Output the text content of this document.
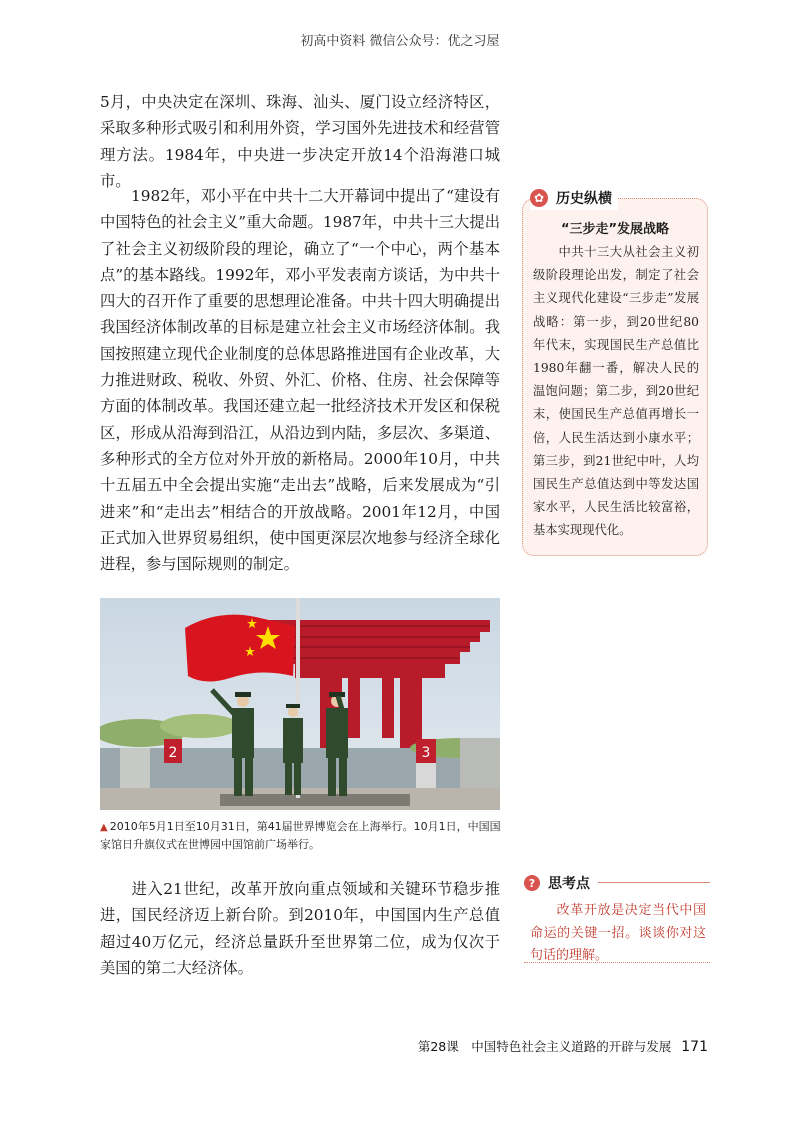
初高中资料 微信公众号：优之习屋

5月，中央决定在深圳、珠海、汕头、厦门设立经济特区，采取多种形式吸引和利用外资，学习国外先进技术和经营管理方法。1984年，中央进一步决定开放14个沿海港口城市。

1982年，邓小平在中共十二大开幕词中提出了“建设有中国特色的社会主义”重大命题。1987年，中共十三大提出了社会主义初级阶段的理论，确立了“一个中心，两个基本点”的基本路线。1992年，邓小平发表南方谈话，为中共十四大的召开作了重要的思想理论准备。中共十四大明确提出我国经济体制改革的目标是建立社会主义市场经济体制。我国按照建立现代企业制度的总体思路推进国有企业改革，大力推进财政、税收、外贸、外汇、价格、住房、社会保障等方面的体制改革。我国还建立起一批经济技术开发区和保税区，形成从沿海到沿江，从沿边到内陆，多层次、多渠道、多种形式的全方位对外开放的新格局。2000年10月，中共十五届五中全会提出实施“走出去”战略，后来发展成为“引进来”和“走出去”相结合的开放战略。2001年12月，中国正式加入世界贸易组织，使中国更深层次地参与经济全球化进程，参与国际规则的制定。

2	3
▲ 2010年5月1日至10月31日，第41届世界博览会在上海举行。10月1日，中国国家馆日升旗仪式在世博园中国馆前广场举行。

进入21世纪，改革开放向重点领域和关键环节稳步推进，国民经济迈上新台阶。到2010年，中国国内生产总值超过40万亿元，经济总量跃升至世界第二位，成为仅次于美国的第二大经济体。

✿ 历史纵横
“三步走”发展战略

中共十三大从社会主义初级阶段理论出发，制定了社会主义现代化建设“三步走”发展战略：第一步，到20世纪80年代末，实现国民生产总值比1980年翻一番，解决人民的温饱问题；第二步，到20世纪末，使国民生产总值再增长一倍，人民生活达到小康水平；第三步，到21世纪中叶，人均国民生产总值达到中等发达国家水平，人民生活比较富裕，基本实现现代化。

? 思考点

改革开放是决定当代中国命运的关键一招。谈谈你对这句话的理解。

第28课　中国特色社会主义道路的开辟与发展 171
